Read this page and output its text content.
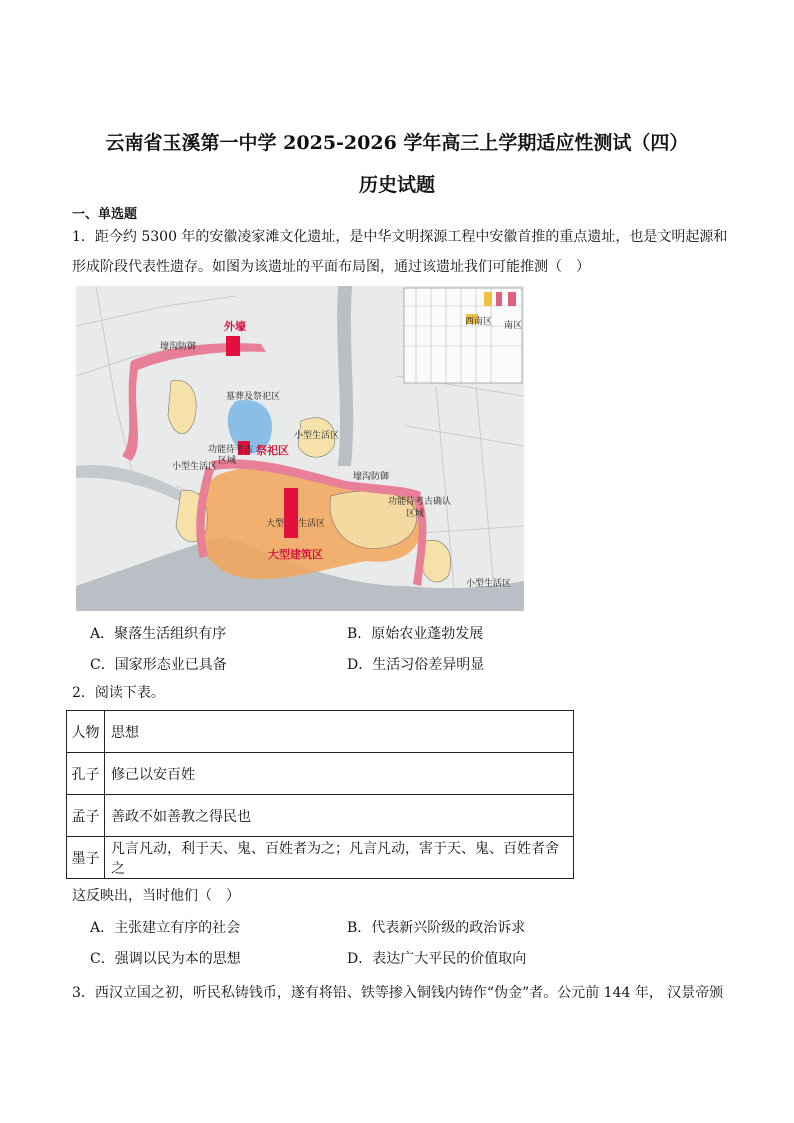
云南省玉溪第一中学 2025-2026 学年高三上学期适应性测试（四）
历史试题
一、单选题
1．距今约 5300 年的安徽凌家滩文化遗址，是中华文明探源工程中安徽首推的重点遗址，也是文明起源和
形成阶段代表性遗存。如图为该遗址的平面布局图，通过该遗址我们可能推测（　）
西南区 南区
外壕
壕沟防御
墓葬及祭祀区
功能待考古
区域
祭祀区
小型生活区
小型生活区
壕沟防御
功能待考古确认
区域
大型 生活区
大型建筑区
小型生活区
A．聚落生活组织有序	B．原始农业蓬勃发展
C．国家形态业已具备	D．生活习俗差异明显
2．阅读下表。
人物	思想
孔子	修己以安百姓
孟子	善政不如善教之得民也
墨子	凡言凡动，利于天、鬼、百姓者为之；凡言凡动，害于天、鬼、百姓者舍之
这反映出，当时他们（　）
A．主张建立有序的社会	B．代表新兴阶级的政治诉求
C．强调以民为本的思想	D．表达广大平民的价值取向
3．西汉立国之初，听民私铸钱币，遂有将铅、铁等掺入铜钱内铸作“伪金”者。公元前 144 年， 汉景帝颁
